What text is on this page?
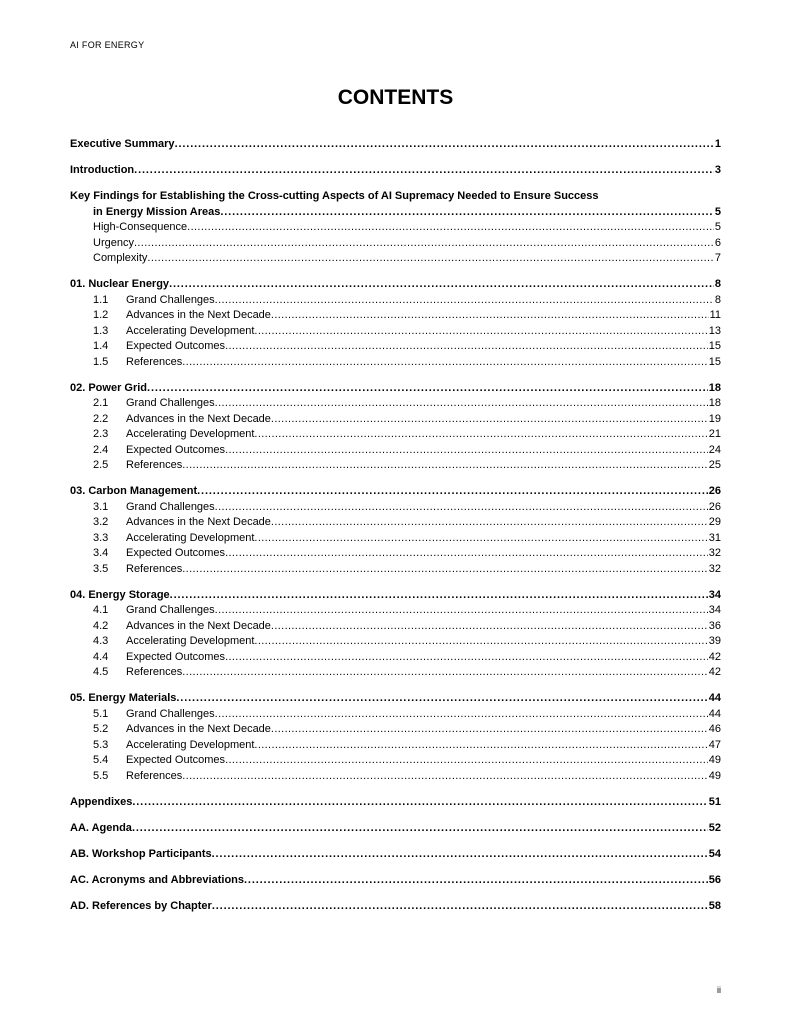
AI FOR ENERGY
CONTENTS
Executive Summary . . .	1
Introduction . . .	3
Key Findings for Establishing the Cross-cutting Aspects of AI Supremacy Needed to Ensure Success
in Energy Mission Areas . . .	5
High-Consequence . . .	5
Urgency . . .	6
Complexity . . .	7
01. Nuclear Energy . . .	8
1.1 Grand Challenges . . .	8
1.2 Advances in the Next Decade . . .	11
1.3 Accelerating Development . . .	13
1.4 Expected Outcomes . . .	15
1.5 References . . .	15
02. Power Grid . . .	18
2.1 Grand Challenges . . .	18
2.2 Advances in the Next Decade . . .	19
2.3 Accelerating Development . . .	21
2.4 Expected Outcomes . . .	24
2.5 References . . .	25
03. Carbon Management . . .	26
3.1 Grand Challenges . . .	26
3.2 Advances in the Next Decade . . .	29
3.3 Accelerating Development . . .	31
3.4 Expected Outcomes . . .	32
3.5 References . . .	32
04. Energy Storage . . .	34
4.1 Grand Challenges . . .	34
4.2 Advances in the Next Decade . . .	36
4.3 Accelerating Development . . .	39
4.4 Expected Outcomes . . .	42
4.5 References . . .	42
05. Energy Materials . . .	44
5.1 Grand Challenges . . .	44
5.2 Advances in the Next Decade . . .	46
5.3 Accelerating Development . . .	47
5.4 Expected Outcomes . . .	49
5.5 References . . .	49
Appendixes . . .	51
AA. Agenda . . .	52
AB. Workshop Participants . . .	54
AC. Acronyms and Abbreviations . . .	56
AD. References by Chapter . . .	58
ii
